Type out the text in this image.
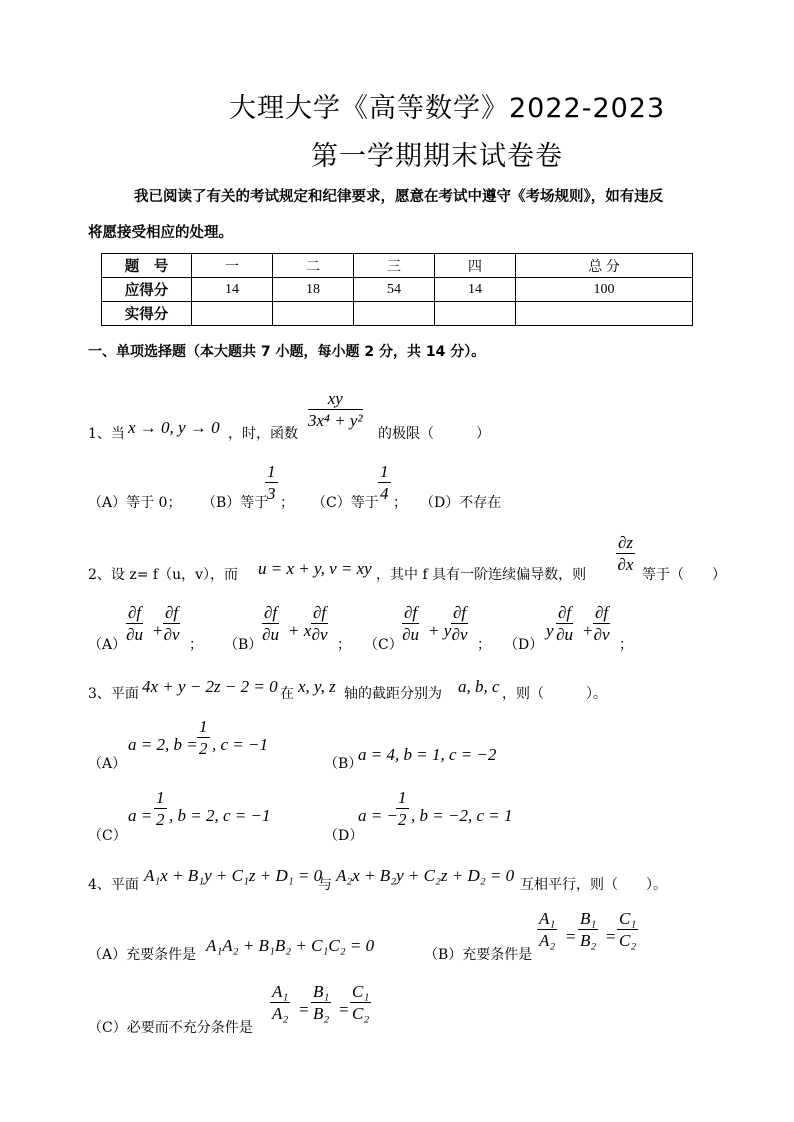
大理大学《高等数学》2022-2023
第一学期期末试卷卷
我已阅读了有关的考试规定和纪律要求，愿意在考试中遵守《考场规则》，如有违反
将愿接受相应的处理。
题　号	一	二	三	四	总 分
应得分	14	18	54	14	100
实得分					
一、单项选择题（本大题共 7 小题，每小题 2 分，共 14 分）。
1、当 x → 0, y → 0 ，时，函数
$\frac{xy}{\text{3x⁴ + y²}}$
的极限（　　　）
（A）等于 0； （B）等于
$\frac{1}{3}$ ； （C）等于 $\frac{1}{4}$ ； （D）不存在
2、设 z= f（u，v），而 u = x + y, v = xy ，其中 f 具有一阶连续偏导数，则
$\frac{\partial z}{\partial x}$
等于（　　）
（A）
$\frac{\partial f}{\partial u} + \frac{\partial f}{\partial v}$
； （B）
$\frac{\partial f}{\partial u} + x \frac{\partial f}{\partial v}$
； （C）
$\frac{\partial f}{\partial u} + y \frac{\partial f}{\partial v}$
； （D）
y $\frac{\partial f}{\partial u} + \frac{\partial f}{\partial v}$
；
3、平面 4x + y − 2z − 2 = 0 在 x, y, z 轴的截距分别为 a, b, c ，则（　　　）。
（A）
a = 2, $b = \frac{1}{2}$ , c = −1
（B）
a = 4, b = 1, c = −2
（C）
$a = \frac{1}{2}$ , b = 2, c = −1
（D）
a = −
$\frac{1}{2}$ , b = −2, c = 1
4、平面 A₁x + B₁y + C₁z + D₁ = 0
与 A₂x + B₂y + C₂z + D₂ = 0 互相平行，则（　　）。
（A）充要条件是 A₁A₂ + B₁B₂ + C₁C₂ = 0	（B）充要条件是
$\frac{\text{A₁}}{\text{A₂}} = \frac{\text{B₁}}{\text{B₂}} = \frac{\text{C₁}}{\text{C₂}}$
（C）必要而不充分条件是
$\frac{\text{A₁}}{\text{A₂}} = \frac{\text{B₁}}{\text{B₂}} = \frac{\text{C₁}}{\text{C₂}}$
